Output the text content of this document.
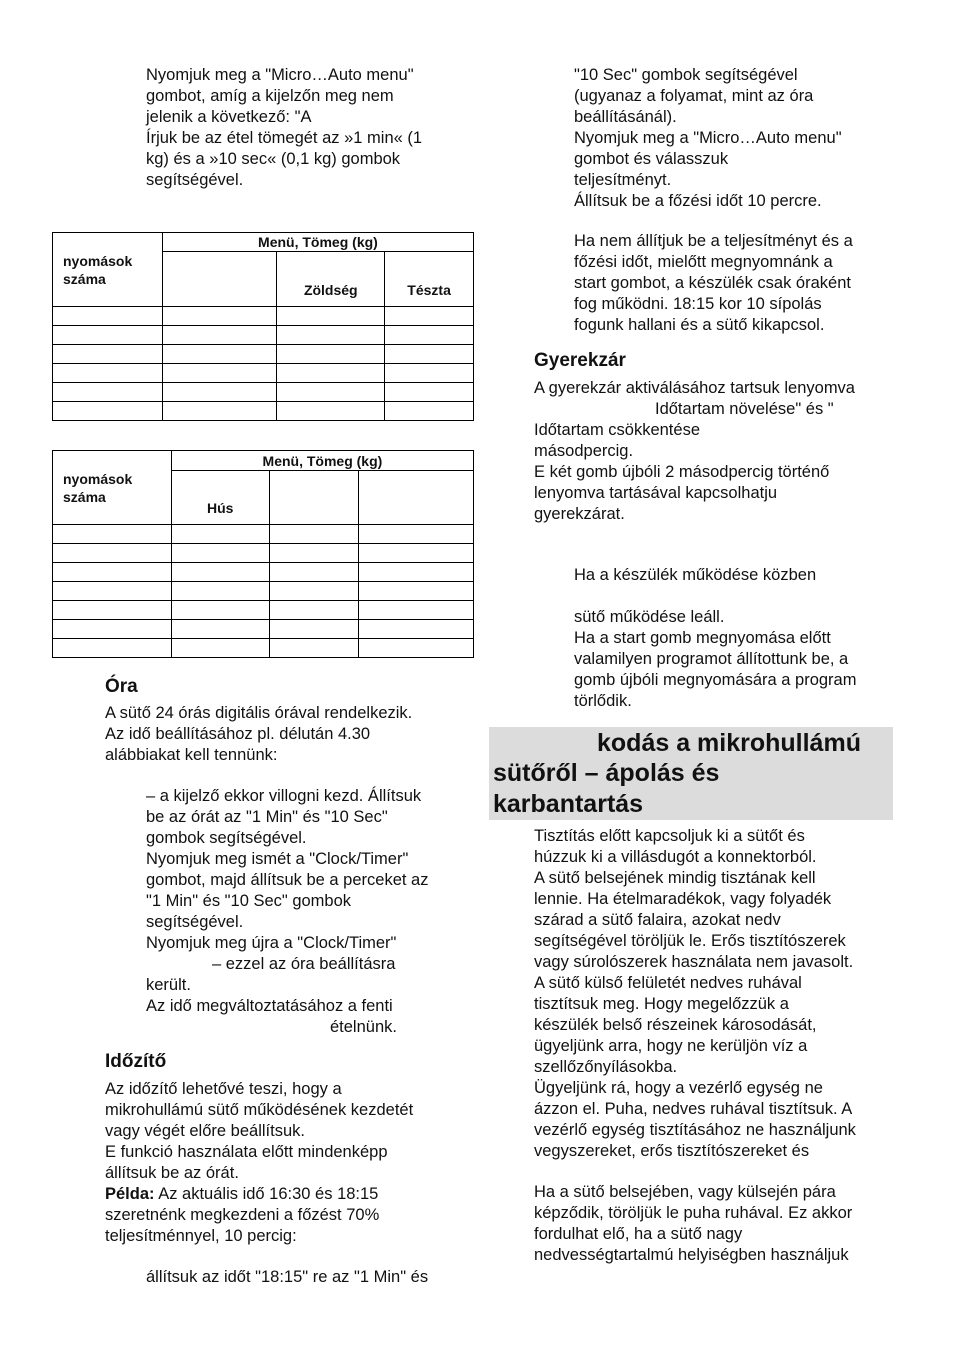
Nyomjuk meg a "Micro…Auto menu"
gombot, amíg a kijelzőn meg nem
jelenik a következő: "A
Írjuk be az étel tömegét az »1 min« (1
kg) és a »10 sec« (0,1 kg) gombok
segítségével.
nyomások
száma	Menü, Tömeg (kg)		
		Zöldség	Tészta

nyomások
száma	Menü, Tömeg (kg)		
	Hús		

Óra
A sütő 24 órás digitális órával rendelkezik.
Az idő beállításához pl. délután 4.30
alábbiakat kell tennünk:
– a kijelző ekkor villogni kezd. Állítsuk
be az órát az "1 Min" és "10 Sec"
gombok segítségével.
Nyomjuk meg ismét a "Clock/Timer"
gombot, majd állítsuk be a perceket az
"1 Min" és "10 Sec" gombok
segítségével.
Nyomjuk meg újra a "Clock/Timer"
– ezzel az óra beállításra
került.
Az idő megváltoztatásához a fenti
ételnünk.
Időzítő
Az időzítő lehetővé teszi, hogy a
mikrohullámú sütő működésének kezdetét
vagy végét előre beállítsuk.
E funkció használata előtt mindenképp
állítsuk be az órát.
Példa: Az aktuális idő 16:30 és 18:15
szeretnénk megkezdeni a főzést 70%
teljesítménnyel, 10 percig:
állítsuk az időt "18:15" re az "1 Min" és
"10 Sec" gombok segítségével
(ugyanaz a folyamat, mint az óra
beállításánál).
Nyomjuk meg a "Micro…Auto menu"
gombot és válasszuk
teljesítményt.
Állítsuk be a főzési időt 10 percre.
Ha nem állítjuk be a teljesítményt és a
főzési időt, mielőtt megnyomnánk a
start gombot, a készülék csak óraként
fog működni. 18:15 kor 10 sípolás
fogunk hallani és a sütő kikapcsol.
Gyerekzár
A gyerekzár aktiválásához tartsuk lenyomva
Időtartam növelése" és "
Időtartam csökkentése
másodpercig.
E két gomb újbóli 2 másodpercig történő
lenyomva tartásával kapcsolhatju
gyerekzárat.
Ha a készülék működése közben

sütő működése leáll.
Ha a start gomb megnyomása előtt
valamilyen programot állítottunk be, a
gomb újbóli megnyomására a program
törlődik.
kodás a mikrohullámú
sütőről – ápolás és
karbantartás
Tisztítás előtt kapcsoljuk ki a sütőt és
húzzuk ki a villásdugót a konnektorból.
A sütő belsejének mindig tisztának kell
lennie. Ha ételmaradékok, vagy folyadék
szárad a sütő falaira, azokat nedv
segítségével töröljük le. Erős tisztítószerek
vagy súrolószerek használata nem javasolt.
A sütő külső felületét nedves ruhával
tisztítsuk meg. Hogy megelőzzük a
készülék belső részeinek károsodását,
ügyeljünk arra, hogy ne kerüljön víz a
szellőzőnyílásokba.
Ügyeljünk rá, hogy a vezérlő egység ne
ázzon el. Puha, nedves ruhával tisztítsuk. A
vezérlő egység tisztításához ne használjunk
vegyszereket, erős tisztítószereket és
Ha a sütő belsejében, vagy külsején pára
képződik, töröljük le puha ruhával. Ez akkor
fordulhat elő, ha a sütő nagy
nedvességtartalmú helyiségben használjuk
